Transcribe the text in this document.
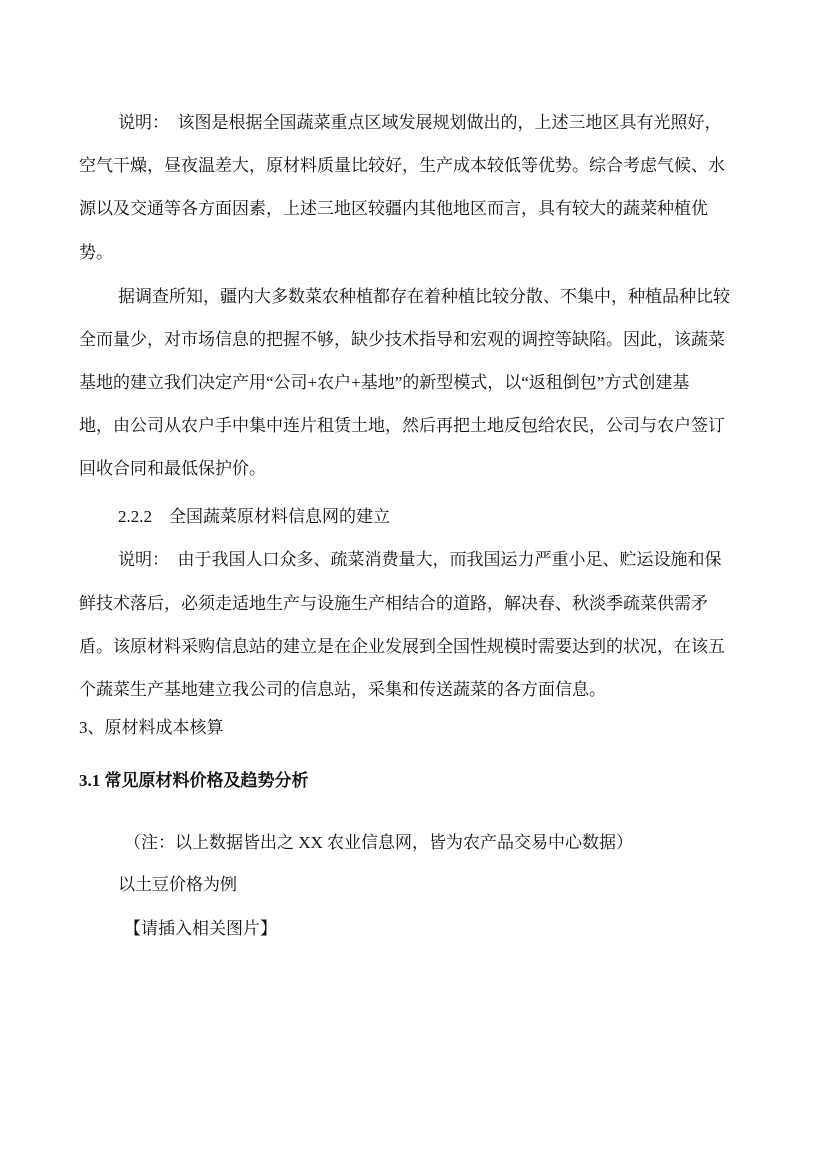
说明：　该图是根据全国蔬菜重点区域发展规划做出的，上述三地区具有光照好，
空气干燥，昼夜温差大，原材料质量比较好，生产成本较低等优势。综合考虑气候、水
源以及交通等各方面因素，上述三地区较疆内其他地区而言，具有较大的蔬菜种植优
势。
据调查所知，疆内大多数菜农种植都存在着种植比较分散、不集中，种植品种比较
全而量少，对市场信息的把握不够，缺少技术指导和宏观的调控等缺陷。因此，该蔬菜
基地的建立我们决定产用“公司+农户+基地”的新型模式，以“返租倒包”方式创建基
地，由公司从农户手中集中连片租赁土地，然后再把土地反包给农民，公司与农户签订
回收合同和最低保护价。
2.2.2　全国蔬菜原材料信息网的建立
说明：　由于我国人口众多、疏菜消费量大，而我国运力严重小足、贮运设施和保
鲜技术落后，必须走适地生产与设施生产相结合的道路，解决春、秋淡季疏菜供需矛
盾。该原材料采购信息站的建立是在企业发展到全国性规模时需要达到的状况，在该五
个蔬菜生产基地建立我公司的信息站，采集和传送蔬菜的各方面信息。
3、原材料成本核算
3.1 常见原材料价格及趋势分析
（注：以上数据皆出之 XX 农业信息网，皆为农产品交易中心数据）
以土豆价格为例
【请插入相关图片】
